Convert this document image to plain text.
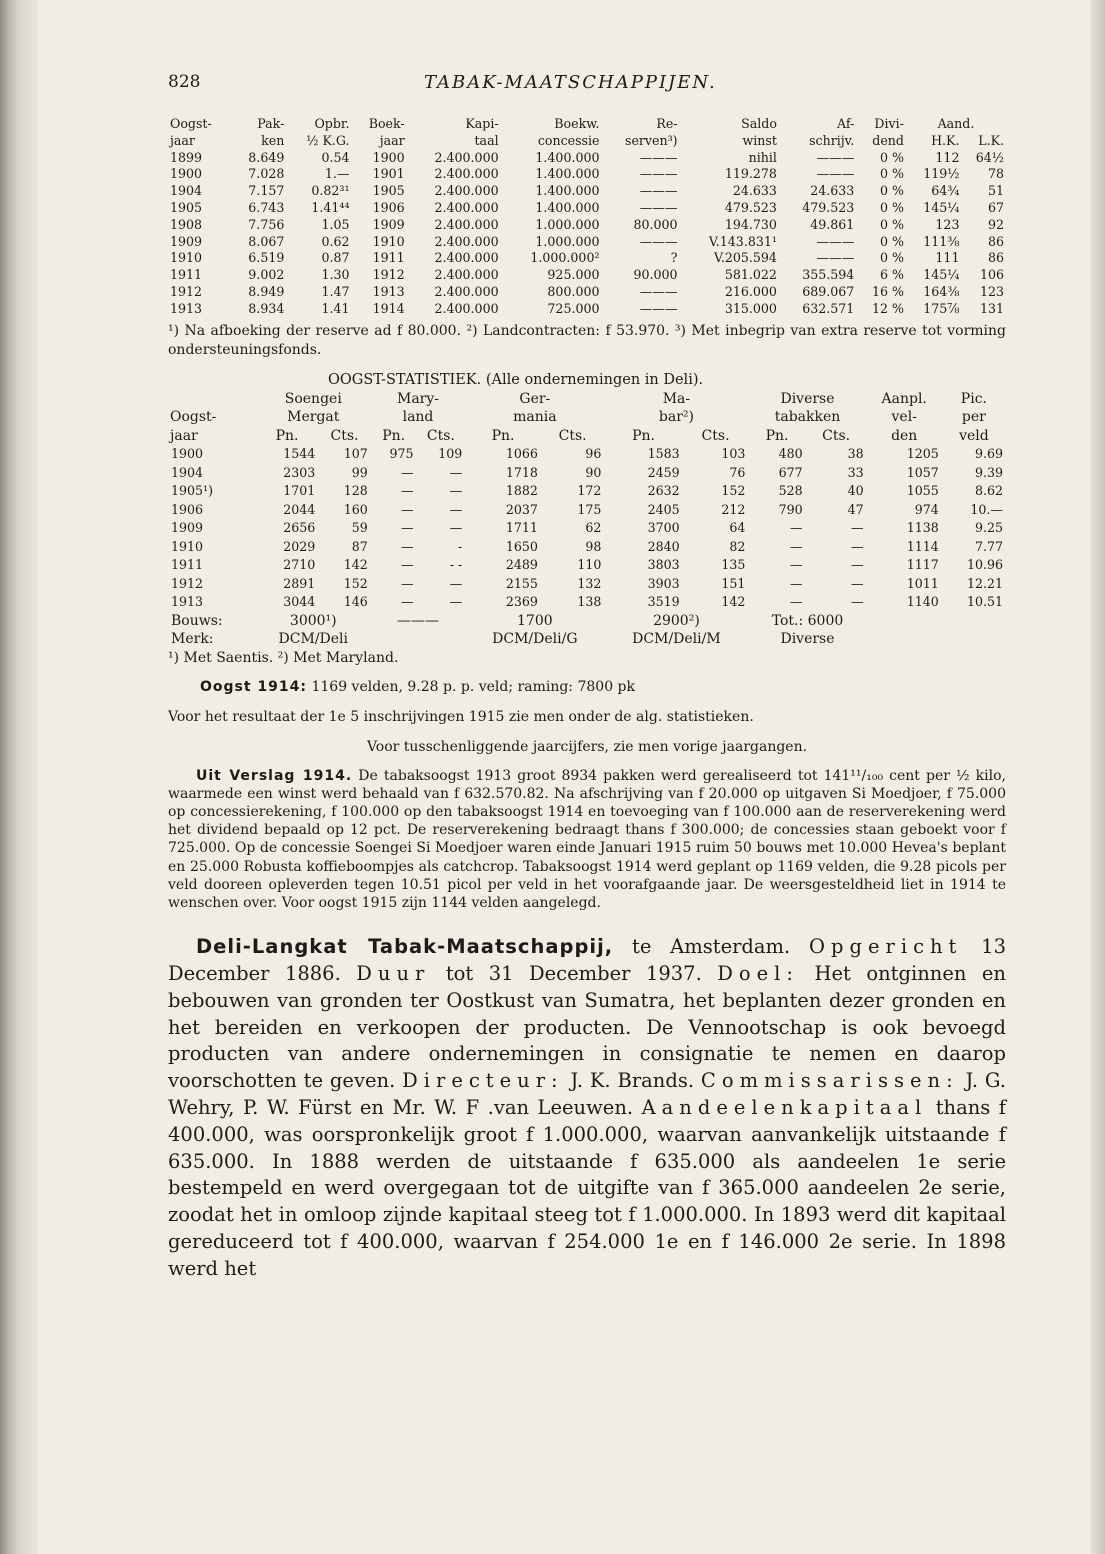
828	TABAK-MAATSCHAPPIJEN.
Oogst-	Pak-	Opbr.	Boek-	Kapi-	Boekw.	Re-	Saldo	Af-	Divi-	Aand.	
jaar	ken	½ K.G.	jaar	taal	concessie	serven³)	winst	schrijv.	dend	H.K.	L.K.
1899	8.649	0.54	1900	2.400.000	1.400.000	———	nihil	———	0 %	112	64½
1900	7.028	1.—	1901	2.400.000	1.400.000	———	119.278	———	0 %	119½	78
1904	7.157	0.82³¹	1905	2.400.000	1.400.000	———	24.633	24.633	0 %	64¾	51
1905	6.743	1.41⁴⁴	1906	2.400.000	1.400.000	———	479.523	479.523	0 %	145¼	67
1908	7.756	1.05	1909	2.400.000	1.000.000	80.000	194.730	49.861	0 %	123	92
1909	8.067	0.62	1910	2.400.000	1.000.000	———	V.143.831¹	———	0 %	111⅜	86
1910	6.519	0.87	1911	2.400.000	1.000.000²	?	V.205.594	———	0 %	111	86
1911	9.002	1.30	1912	2.400.000	925.000	90.000	581.022	355.594	6 %	145¼	106
1912	8.949	1.47	1913	2.400.000	800.000	———	216.000	689.067	16 %	164⅜	123
1913	8.934	1.41	1914	2.400.000	725.000	———	315.000	632.571	12 %	175⅞	131
¹) Na afboeking der reserve ad f 80.000. ²) Landcontracten: f 53.970. ³) Met inbegrip van extra reserve tot vorming ondersteuningsfonds.
OOGST-STATISTIEK. (Alle ondernemingen in Deli).
	Soengei		Mary-		Ger-		Ma-		Diverse		Aanpl.	Pic.
Oogst-	Mergat		land		mania		bar²)		tabakken		vel-	per
jaar	Pn.	Cts.	Pn.	Cts.	Pn.	Cts.	Pn.	Cts.	Pn.	Cts.	den	veld
1900	1544	107	975	109	1066	96	1583	103	480	38	1205	9.69
1904	2303	99	—	—	1718	90	2459	76	677	33	1057	9.39
1905¹)	1701	128	—	—	1882	172	2632	152	528	40	1055	8.62
1906	2044	160	—	—	2037	175	2405	212	790	47	974	10.—
1909	2656	59	—	—	1711	62	3700	64	—	—	1138	9.25
1910	2029	87	—	-	1650	98	2840	82	—	—	1114	7.77
1911	2710	142	—	- -	2489	110	3803	135	—	—	1117	10.96
1912	2891	152	—	—	2155	132	3903	151	—	—	1011	12.21
1913	3044	146	—	—	2369	138	3519	142	—	—	1140	10.51
Bouws:	3000¹)		———		1700		2900²)		Tot.: 6000			
Merk:	DCM/Deli				DCM/Deli/G		DCM/Deli/M		Diverse			
¹) Met Saentis. ²) Met Maryland.
Oogst 1914: 1169 velden, 9.28 p. p. veld; raming: 7800 pk
Voor het resultaat der 1e 5 inschrijvingen 1915 zie men onder de alg. statistieken.
Voor tusschenliggende jaarcijfers, zie men vorige jaargangen.
Uit Verslag 1914. De tabaksoogst 1913 groot 8934 pakken werd gerealiseerd tot 141¹¹/₁₀₀ cent per ½ kilo, waarmede een winst werd behaald van f 632.570.82. Na afschrijving van f 20.000 op uitgaven Si Moedjoer, f 75.000 op concessierekening, f 100.000 op den tabaksoogst 1914 en toevoeging van f 100.000 aan de reserverekening werd het dividend bepaald op 12 pct. De reserverekening bedraagt thans f 300.000; de concessies staan geboekt voor f 725.000. Op de concessie Soengei Si Moedjoer waren einde Januari 1915 ruim 50 bouws met 10.000 Hevea's beplant en 25.000 Robusta koffieboompjes als catchcrop. Tabaksoogst 1914 werd geplant op 1169 velden, die 9.28 picols per veld dooreen opleverden tegen 10.51 picol per veld in het voorafgaande jaar. De weersgesteldheid liet in 1914 te wenschen over. Voor oogst 1915 zijn 1144 velden aangelegd.
Deli-Langkat Tabak-Maatschappij, te Amsterdam. Opgericht 13 December 1886. Duur tot 31 December 1937. Doel: Het ontginnen en bebouwen van gronden ter Oostkust van Sumatra, het beplanten dezer gronden en het bereiden en verkoopen der producten. De Vennootschap is ook bevoegd producten van andere ondernemingen in consignatie te nemen en daarop voorschotten te geven. Directeur: J. K. Brands. Commissarissen: J. G. Wehry, P. W. Fürst en Mr. W. F .van Leeuwen. Aandeelenkapitaal thans f 400.000, was oorspronkelijk groot f 1.000.000, waarvan aanvankelijk uitstaande f 635.000. In 1888 werden de uitstaande f 635.000 als aandeelen 1e serie bestempeld en werd overgegaan tot de uitgifte van f 365.000 aandeelen 2e serie, zoodat het in omloop zijnde kapitaal steeg tot f 1.000.000. In 1893 werd dit kapitaal gereduceerd tot f 400.000, waarvan f 254.000 1e en f 146.000 2e serie. In 1898 werd het
